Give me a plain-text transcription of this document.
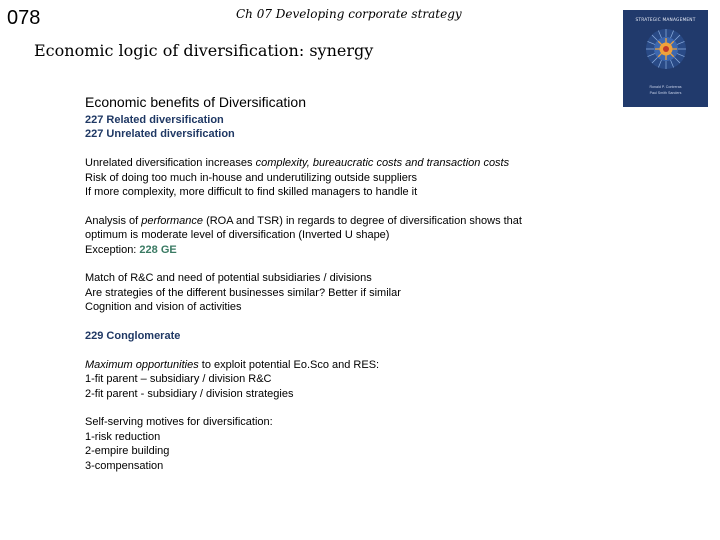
078	Ch 07 Developing corporate strategy
Economic logic of diversification: synergy
STRATEGIC MANAGEMENT
Ronald P. Contreras
Paul Smith Sanders

Economic benefits of Diversification

227 Related diversification

227 Unrelated diversification

Unrelated diversification increases complexity, bureaucratic costs and transaction costs

Risk of doing too much in-house and underutilizing outside suppliers

If more complexity, more difficult to find skilled managers to handle it

Analysis of performance (ROA and TSR) in regards to degree of diversification shows that

optimum is moderate level of diversification (Inverted U shape)

Exception: 228 GE

Match of R&C and need of potential subsidiaries / divisions

Are strategies of the different businesses similar? Better if similar

Cognition and vision of activities

229 Conglomerate

Maximum opportunities to exploit potential Eo.Sco and RES:

1-fit parent – subsidiary / division R&C

2-fit parent - subsidiary / division strategies

Self-serving motives for diversification:

1-risk reduction

2-empire building

3-compensation
